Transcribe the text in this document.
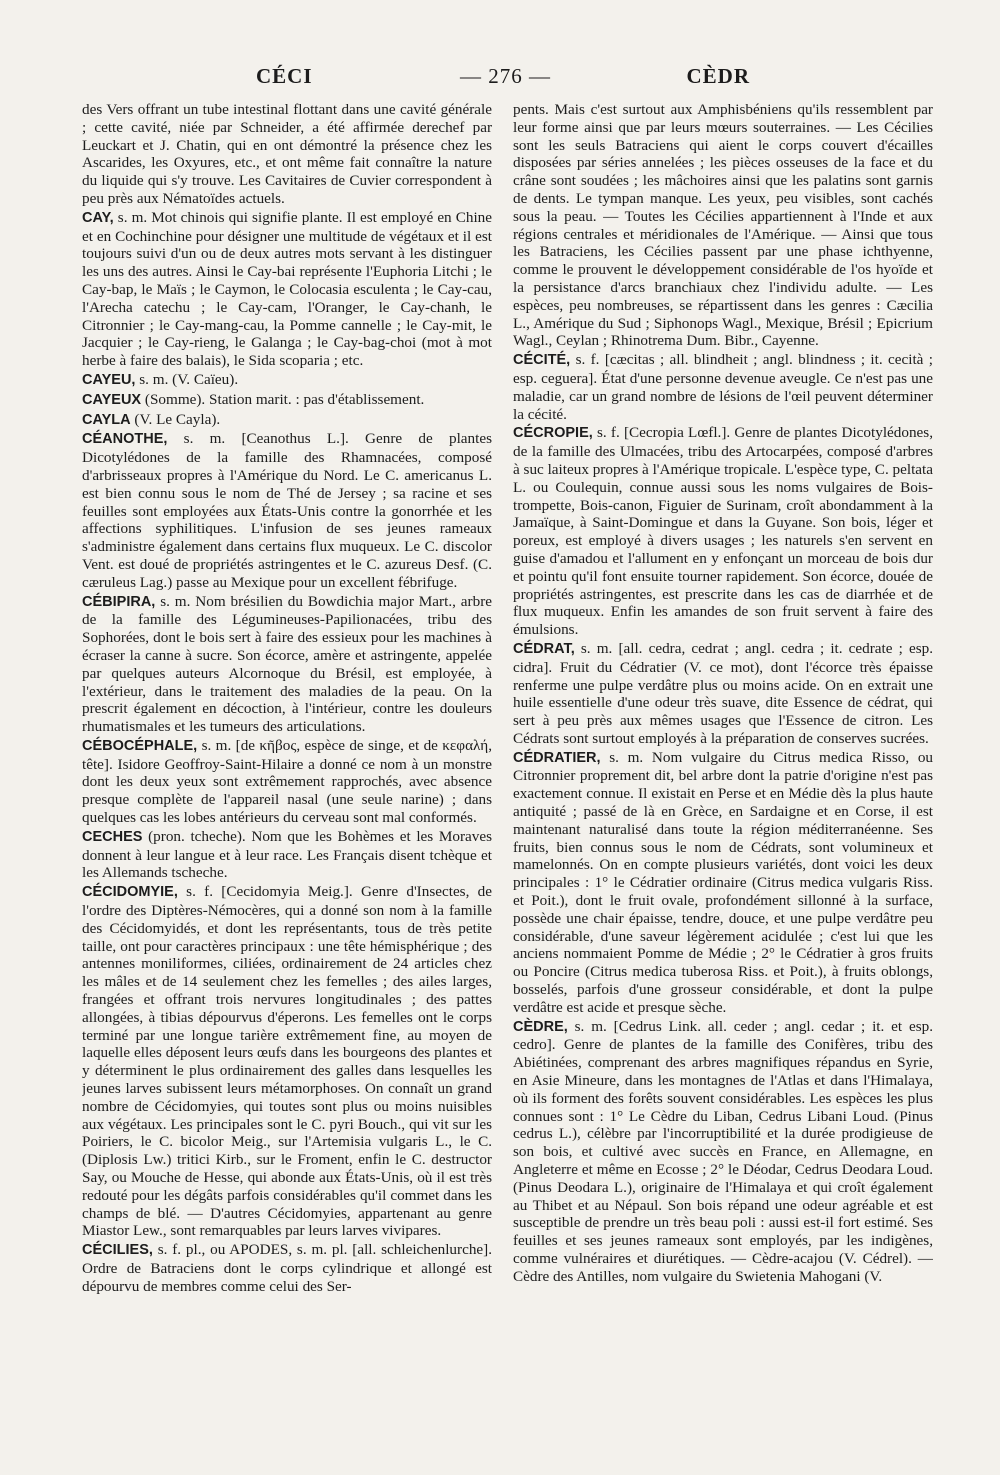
CÉCI	— 276 —	CÈDR

des Vers offrant un tube intestinal flottant dans une cavité générale ; cette cavité, niée par Schneider, a été affirmée derechef par Leuckart et J. Chatin, qui en ont démontré la présence chez les Ascarides, les Oxyures, etc., et ont même fait connaître la nature du liquide qui s'y trouve. Les Cavitaires de Cuvier correspondent à peu près aux Nématoïdes actuels.

CAY, s. m. Mot chinois qui signifie plante. Il est employé en Chine et en Cochinchine pour désigner une multitude de végétaux et il est toujours suivi d'un ou de deux autres mots servant à les distinguer les uns des autres. Ainsi le Cay-bai représente l'Euphoria Litchi ; le Cay-bap, le Maïs ; le Caymon, le Colocasia esculenta ; le Cay-cau, l'Arecha catechu ; le Cay-cam, l'Oranger, le Cay-chanh, le Citronnier ; le Cay-mang-cau, la Pomme cannelle ; le Cay-mit, le Jacquier ; le Cay-rieng, le Galanga ; le Cay-bag-choi (mot à mot herbe à faire des balais), le Sida scoparia ; etc.

CAYEU, s. m. (V. Caïeu).

CAYEUX (Somme). Station marit. : pas d'établissement.

CAYLA (V. Le Cayla).

CÉANOTHE, s. m. [Ceanothus L.]. Genre de plantes Dicotylédones de la famille des Rhamnacées, composé d'arbrisseaux propres à l'Amérique du Nord. Le C. americanus L. est bien connu sous le nom de Thé de Jersey ; sa racine et ses feuilles sont employées aux États-Unis contre la gonorrhée et les affections syphilitiques. L'infusion de ses jeunes rameaux s'administre également dans certains flux muqueux. Le C. discolor Vent. est doué de propriétés astringentes et le C. azureus Desf. (C. cæruleus Lag.) passe au Mexique pour un excellent fébrifuge.

CÉBIPIRA, s. m. Nom brésilien du Bowdichia major Mart., arbre de la famille des Légumineuses-Papilionacées, tribu des Sophorées, dont le bois sert à faire des essieux pour les machines à écraser la canne à sucre. Son écorce, amère et astringente, appelée par quelques auteurs Alcornoque du Brésil, est employée, à l'extérieur, dans le traitement des maladies de la peau. On la prescrit également en décoction, à l'intérieur, contre les douleurs rhumatismales et les tumeurs des articulations.

CÉBOCÉPHALE, s. m. [de κῆβος, espèce de singe, et de κεφαλή, tête]. Isidore Geoffroy-Saint-Hilaire a donné ce nom à un monstre dont les deux yeux sont extrêmement rapprochés, avec absence presque complète de l'appareil nasal (une seule narine) ; dans quelques cas les lobes antérieurs du cerveau sont mal conformés.

CECHES (pron. tcheche). Nom que les Bohèmes et les Moraves donnent à leur langue et à leur race. Les Français disent tchèque et les Allemands tscheche.

CÉCIDOMYIE, s. f. [Cecidomyia Meig.]. Genre d'Insectes, de l'ordre des Diptères-Némocères, qui a donné son nom à la famille des Cécidomyidés, et dont les représentants, tous de très petite taille, ont pour caractères principaux : une tête hémisphérique ; des antennes moniliformes, ciliées, ordinairement de 24 articles chez les mâles et de 14 seulement chez les femelles ; des ailes larges, frangées et offrant trois nervures longitudinales ; des pattes allongées, à tibias dépourvus d'éperons. Les femelles ont le corps terminé par une longue tarière extrêmement fine, au moyen de laquelle elles déposent leurs œufs dans les bourgeons des plantes et y déterminent le plus ordinairement des galles dans lesquelles les jeunes larves subissent leurs métamorphoses. On connaît un grand nombre de Cécidomyies, qui toutes sont plus ou moins nuisibles aux végétaux. Les principales sont le C. pyri Bouch., qui vit sur les Poiriers, le C. bicolor Meig., sur l'Artemisia vulgaris L., le C. (Diplosis Lw.) tritici Kirb., sur le Froment, enfin le C. destructor Say, ou Mouche de Hesse, qui abonde aux États-Unis, où il est très redouté pour les dégâts parfois considérables qu'il commet dans les champs de blé. — D'autres Cécidomyies, appartenant au genre Miastor Lew., sont remarquables par leurs larves vivipares.

CÉCILIES, s. f. pl., ou APODES, s. m. pl. [all. schleichenlurche]. Ordre de Batraciens dont le corps cylindrique et allongé est dépourvu de membres comme celui des Ser-

pents. Mais c'est surtout aux Amphisbéniens qu'ils ressemblent par leur forme ainsi que par leurs mœurs souterraines. — Les Cécilies sont les seuls Batraciens qui aient le corps couvert d'écailles disposées par séries annelées ; les pièces osseuses de la face et du crâne sont soudées ; les mâchoires ainsi que les palatins sont garnis de dents. Le tympan manque. Les yeux, peu visibles, sont cachés sous la peau. — Toutes les Cécilies appartiennent à l'Inde et aux régions centrales et méridionales de l'Amérique. — Ainsi que tous les Batraciens, les Cécilies passent par une phase ichthyenne, comme le prouvent le développement considérable de l'os hyoïde et la persistance d'arcs branchiaux chez l'individu adulte. — Les espèces, peu nombreuses, se répartissent dans les genres : Cæcilia L., Amérique du Sud ; Siphonops Wagl., Mexique, Brésil ; Epicrium Wagl., Ceylan ; Rhinotrema Dum. Bibr., Cayenne.

CÉCITÉ, s. f. [cæcitas ; all. blindheit ; angl. blindness ; it. cecità ; esp. ceguera]. État d'une personne devenue aveugle. Ce n'est pas une maladie, car un grand nombre de lésions de l'œil peuvent déterminer la cécité.

CÉCROPIE, s. f. [Cecropia Lœfl.]. Genre de plantes Dicotylédones, de la famille des Ulmacées, tribu des Artocarpées, composé d'arbres à suc laiteux propres à l'Amérique tropicale. L'espèce type, C. peltata L. ou Coulequin, connue aussi sous les noms vulgaires de Bois-trompette, Bois-canon, Figuier de Surinam, croît abondamment à la Jamaïque, à Saint-Domingue et dans la Guyane. Son bois, léger et poreux, est employé à divers usages ; les naturels s'en servent en guise d'amadou et l'allument en y enfonçant un morceau de bois dur et pointu qu'il font ensuite tourner rapidement. Son écorce, douée de propriétés astringentes, est prescrite dans les cas de diarrhée et de flux muqueux. Enfin les amandes de son fruit servent à faire des émulsions.

CÉDRAT, s. m. [all. cedra, cedrat ; angl. cedra ; it. cedrate ; esp. cidra]. Fruit du Cédratier (V. ce mot), dont l'écorce très épaisse renferme une pulpe verdâtre plus ou moins acide. On en extrait une huile essentielle d'une odeur très suave, dite Essence de cédrat, qui sert à peu près aux mêmes usages que l'Essence de citron. Les Cédrats sont surtout employés à la préparation de conserves sucrées.

CÉDRATIER, s. m. Nom vulgaire du Citrus medica Risso, ou Citronnier proprement dit, bel arbre dont la patrie d'origine n'est pas exactement connue. Il existait en Perse et en Médie dès la plus haute antiquité ; passé de là en Grèce, en Sardaigne et en Corse, il est maintenant naturalisé dans toute la région méditerranéenne. Ses fruits, bien connus sous le nom de Cédrats, sont volumineux et mamelonnés. On en compte plusieurs variétés, dont voici les deux principales : 1° le Cédratier ordinaire (Citrus medica vulgaris Riss. et Poit.), dont le fruit ovale, profondément sillonné à la surface, possède une chair épaisse, tendre, douce, et une pulpe verdâtre peu considérable, d'une saveur légèrement acidulée ; c'est lui que les anciens nommaient Pomme de Médie ; 2° le Cédratier à gros fruits ou Poncire (Citrus medica tuberosa Riss. et Poit.), à fruits oblongs, bosselés, parfois d'une grosseur considérable, et dont la pulpe verdâtre est acide et presque sèche.

CÈDRE, s. m. [Cedrus Link. all. ceder ; angl. cedar ; it. et esp. cedro]. Genre de plantes de la famille des Conifères, tribu des Abiétinées, comprenant des arbres magnifiques répandus en Syrie, en Asie Mineure, dans les montagnes de l'Atlas et dans l'Himalaya, où ils forment des forêts souvent considérables. Les espèces les plus connues sont : 1° Le Cèdre du Liban, Cedrus Libani Loud. (Pinus cedrus L.), célèbre par l'incorruptibilité et la durée prodigieuse de son bois, et cultivé avec succès en France, en Allemagne, en Angleterre et même en Ecosse ; 2° le Déodar, Cedrus Deodara Loud. (Pinus Deodara L.), originaire de l'Himalaya et qui croît également au Thibet et au Népaul. Son bois répand une odeur agréable et est susceptible de prendre un très beau poli : aussi est-il fort estimé. Ses feuilles et ses jeunes rameaux sont employés, par les indigènes, comme vulnéraires et diurétiques. — Cèdre-acajou (V. Cédrel). — Cèdre des Antilles, nom vulgaire du Swietenia Mahogani (V.
